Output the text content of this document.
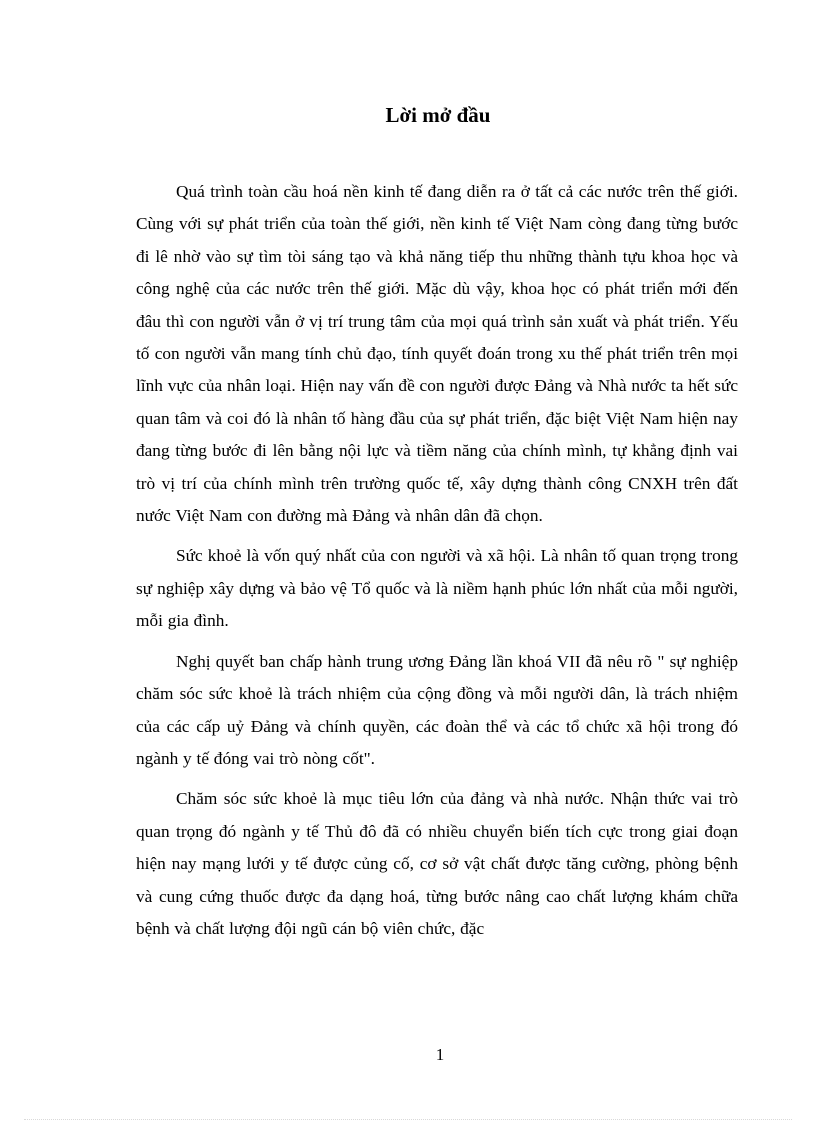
Lời mở đầu

Quá trình toàn cầu hoá nền kinh tế đang diễn ra ở tất cả các nước trên thế giới. Cùng với sự phát triển của toàn thế giới, nền kinh tế Việt Nam còng đang từng bước đi lê nhờ vào sự tìm tòi sáng tạo và khả năng tiếp thu những thành tựu khoa học và công nghệ của các nước trên thế giới. Mặc dù vậy, khoa học có phát triển mới đến đâu thì con người vẫn ở vị trí trung tâm của mọi quá trình sản xuất và phát triển. Yếu tố con người vẫn mang tính chủ đạo, tính quyết đoán trong xu thế phát triển trên mọi lĩnh vực của nhân loại. Hiện nay vấn đề con người được Đảng và Nhà nước ta hết sức quan tâm và coi đó là nhân tố hàng đầu của sự phát triển, đặc biệt Việt Nam hiện nay đang từng bước đi lên bằng nội lực và tiềm năng của chính mình, tự khẳng định vai trò vị trí của chính mình trên trường quốc tế, xây dựng thành công CNXH trên đất nước Việt Nam con đường mà Đảng và nhân dân đã chọn.

Sức khoẻ là vốn quý nhất của con người và xã hội. Là nhân tố quan trọng trong sự nghiệp xây dựng và bảo vệ Tổ quốc và là niềm hạnh phúc lớn nhất của mỗi người, mỗi gia đình.

Nghị quyết ban chấp hành trung ương Đảng lần khoá VII đã nêu rõ " sự nghiệp chăm sóc sức khoẻ là trách nhiệm của cộng đồng và mỗi người dân, là trách nhiệm của các cấp uỷ Đảng và chính quyền, các đoàn thể và các tổ chức xã hội trong đó ngành y tế đóng vai trò nòng cốt".

Chăm sóc sức khoẻ là mục tiêu lớn của đảng và nhà nước. Nhận thức vai trò quan trọng đó ngành y tế Thủ đô đã có nhiều chuyển biến tích cực trong giai đoạn hiện nay mạng lưới y tế được củng cố, cơ sở vật chất được tăng cường, phòng bệnh và cung cứng thuốc được đa dạng hoá, từng bước nâng cao chất lượng khám chữa bệnh và chất lượng đội ngũ cán bộ viên chức, đặc

1
